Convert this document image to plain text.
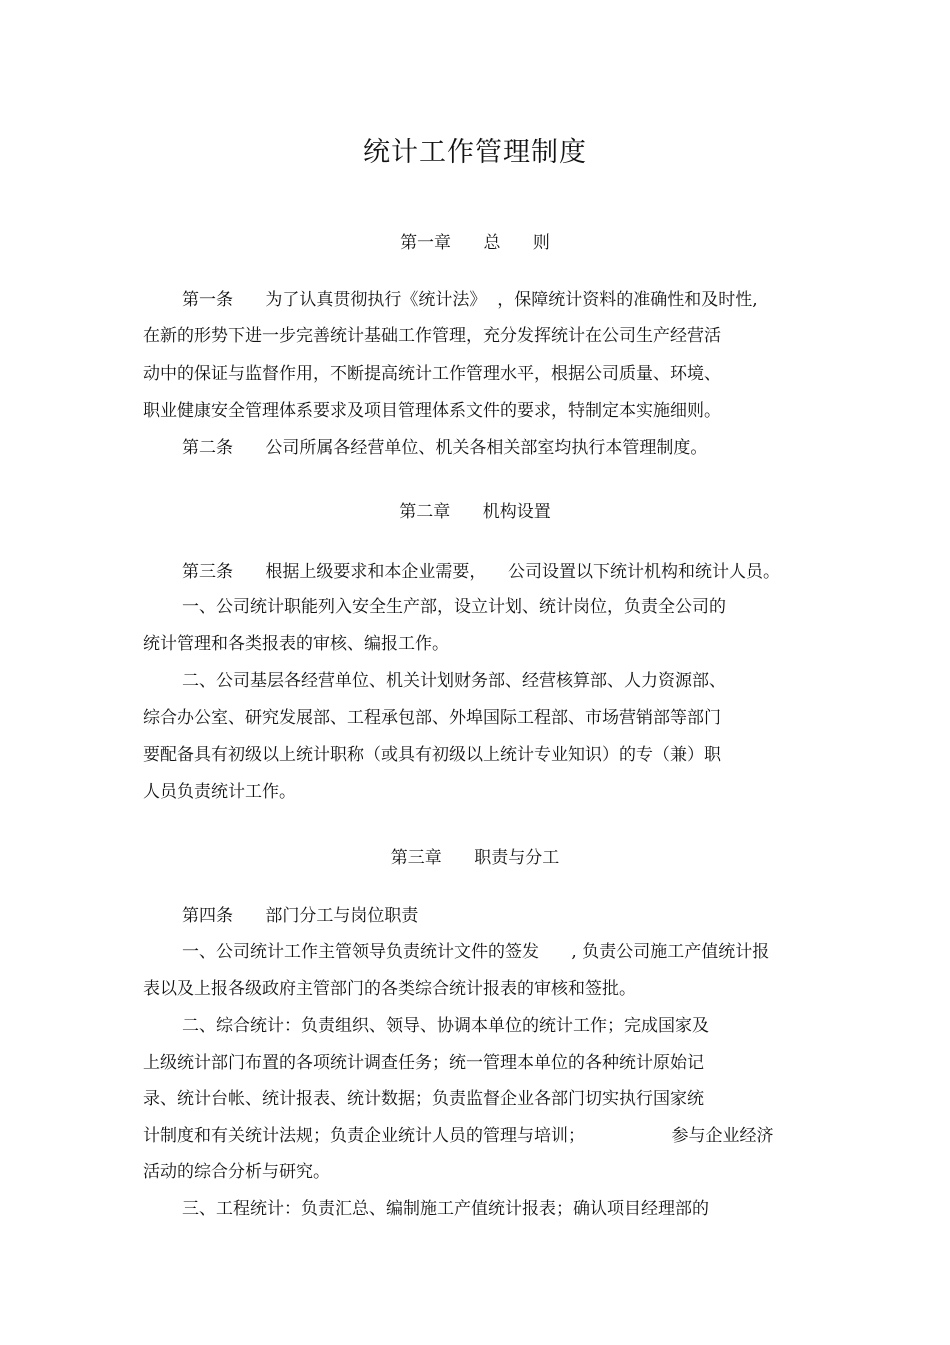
统计工作管理制度
第一章      总      则

第一条      为了认真贯彻执行《统计法》  ，保障统计资料的准确性和及时性,

在新的形势下进一步完善统计基础工作管理，充分发挥统计在公司生产经营活

动中的保证与监督作用，不断提高统计工作管理水平，根据公司质量、环境、

职业健康安全管理体系要求及项目管理体系文件的要求，特制定本实施细则。

第二条      公司所属各经营单位、机关各相关部室均执行本管理制度。

第二章      机构设置

第三条      根据上级要求和本企业需要，    公司设置以下统计机构和统计人员。

一、公司统计职能列入安全生产部，设立计划、统计岗位，负责全公司的

统计管理和各类报表的审核、编报工作。

二、公司基层各经营单位、机关计划财务部、经营核算部、人力资源部、

综合办公室、研究发展部、工程承包部、外埠国际工程部、市场营销部等部门

要配备具有初级以上统计职称（或具有初级以上统计专业知识）的专（兼）职

人员负责统计工作。

第三章      职责与分工

第四条      部门分工与岗位职责

一、公司统计工作主管领导负责统计文件的签发      , 负责公司施工产值统计报

表以及上报各级政府主管部门的各类综合统计报表的审核和签批。

二、综合统计：负责组织、领导、协调本单位的统计工作；完成国家及

上级统计部门布置的各项统计调查任务；统一管理本单位的各种统计原始记

录、统计台帐、统计报表、统计数据；负责监督企业各部门切实执行国家统

计制度和有关统计法规；负责企业统计人员的管理与培训；                参与企业经济

活动的综合分析与研究。

三、工程统计：负责汇总、编制施工产值统计报表；确认项目经理部的
